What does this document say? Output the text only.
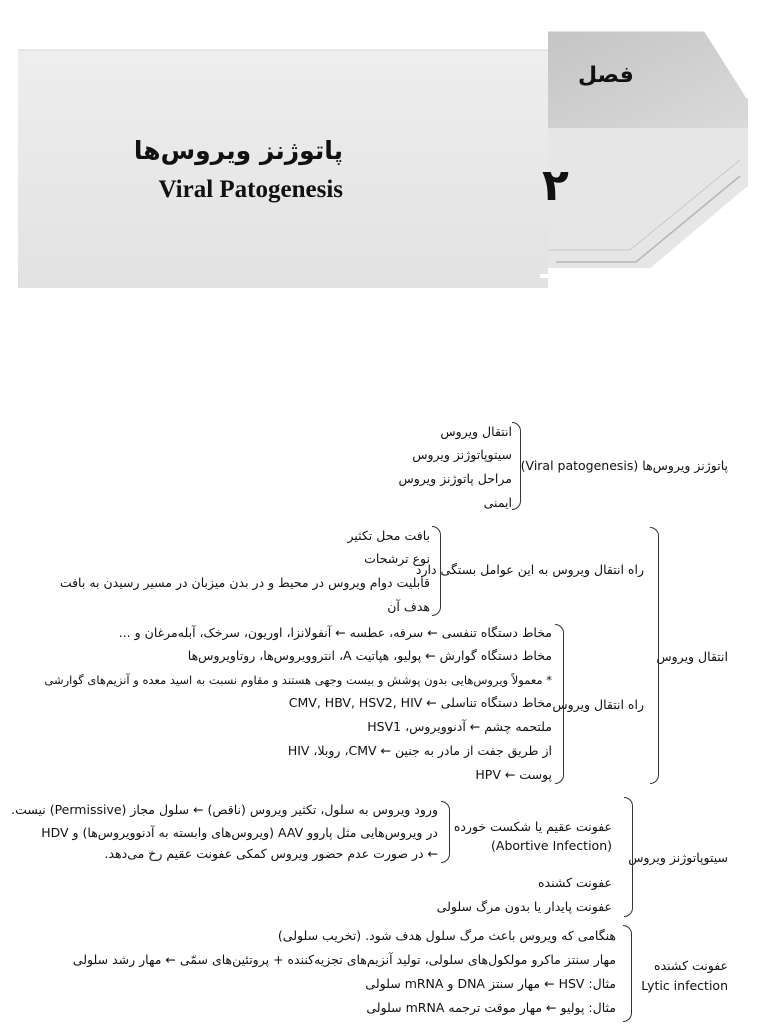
فصل
۲
پاتوژنز ویروس‌ها
Viral Patogenesis
پاتوژنز ویروس‌ها (Viral patogenesis)
انتقال ویروس
سیتوپاتوژنز ویروس
مراحل پاتوژنز ویروس
ایمنی
انتقال ویروس
راه انتقال ویروس به این عوامل بستگی دارد
بافت محل تکثیر
نوع ترشحات
قابلیت دوام ویروس در محیط و در بدن میزبان در مسیر رسیدن به بافت
هدف آن
راه انتقال ویروس
مخاط دستگاه تنفسی ← سرفه، عطسه ← آنفولانزا، اوریون، سرخک، آبله‌مرغان و ...
مخاط دستگاه گوارش ← پولیو، هپاتیت A، انتروویروس‌ها، روتاویروس‌ها
* معمولاً ویروس‌هایی بدون پوشش و بیست وجهی هستند و مقاوم نسبت به اسید معده و آنزیم‌های گوارشی
مخاط دستگاه تناسلی ← CMV, HBV, HSV2, HIV
ملتحمه چشم ← آدنوویروس، HSV1
از طریق جفت از مادر به جنین ← CMV، روبلا، HIV
پوست ← HPV
سیتوپاتوژنز ویروس
عفونت عقیم یا شکست خورده
(Abortive Infection)
ورود ویروس به سلول، تکثیر ویروس (ناقص) ← سلول مجاز (Permissive) نیست.
در ویروس‌هایی مثل پاروو AAV (ویروس‌های وابسته به آدنوویروس‌ها) و HDV ← در صورت عدم حضور ویروس کمکی عفونت عقیم رخ می‌دهد.
عفونت کشنده
عفونت پایدار یا بدون مرگ سلولی
عفونت کشنده
Lytic infection
هنگامی که ویروس باعث مرگ سلول هدف شود. (تخریب سلولی)
مهار سنتز ماکرو مولکول‌های سلولی، تولید آنزیم‌های تجزیه‌کننده + پروتئین‌های سمّی ← مهار رشد سلولی
مثال: HSV ← مهار سنتز DNA و mRNA سلولی
مثال: پولیو ← مهار موقت ترجمه mRNA سلولی
